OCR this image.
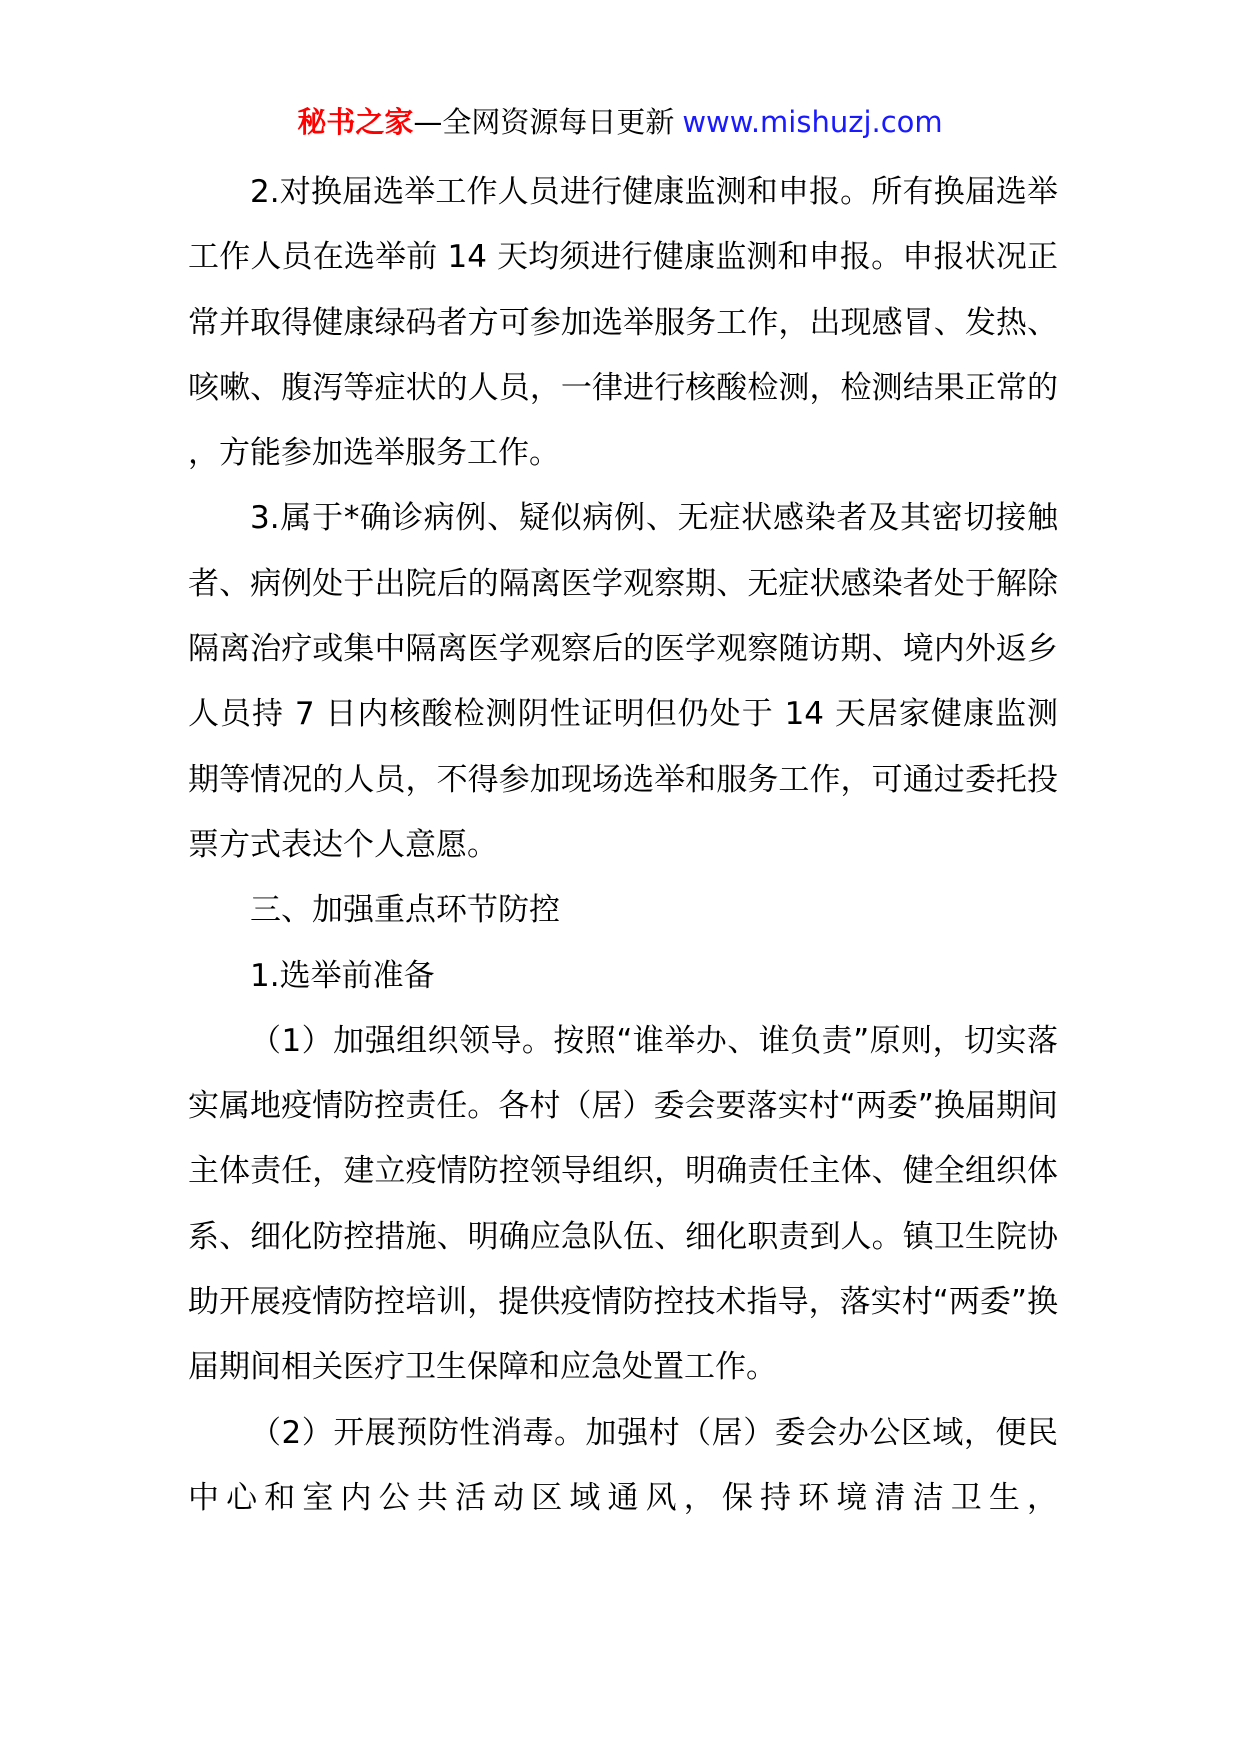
秘书之家—全网资源每日更新 www.mishuzj.com

2.对换届选举工作人员进行健康监测和申报。所有换届选举工作人员在选举前 14 天均须进行健康监测和申报。申报状况正常并取得健康绿码者方可参加选举服务工作，出现感冒、发热、咳嗽、腹泻等症状的人员，一律进行核酸检测，检测结果正常的，方能参加选举服务工作。

3.属于*确诊病例、疑似病例、无症状感染者及其密切接触者、病例处于出院后的隔离医学观察期、无症状感染者处于解除隔离治疗或集中隔离医学观察后的医学观察随访期、境内外返乡人员持 7 日内核酸检测阴性证明但仍处于 14 天居家健康监测期等情况的人员，不得参加现场选举和服务工作，可通过委托投票方式表达个人意愿。

三、加强重点环节防控

1.选举前准备

（1）加强组织领导。按照“谁举办、谁负责”原则，切实落实属地疫情防控责任。各村（居）委会要落实村“两委”换届期间主体责任，建立疫情防控领导组织，明确责任主体、健全组织体系、细化防控措施、明确应急队伍、细化职责到人。镇卫生院协助开展疫情防控培训，提供疫情防控技术指导，落实村“两委”换届期间相关医疗卫生保障和应急处置工作。

（2）开展预防性消毒。加强村（居）委会办公区域，便民中心和室内公共活动区域通风，保持环境清洁卫生，
